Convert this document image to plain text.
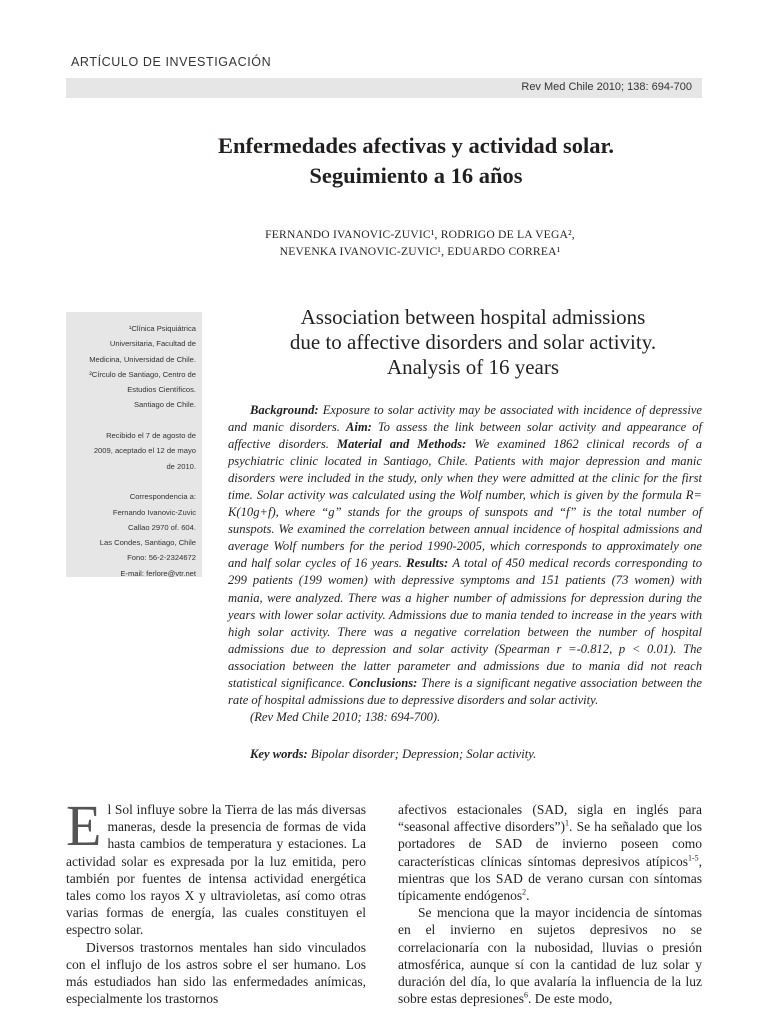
ARTÍCULO DE INVESTIGACIÓN
Rev Med Chile 2010; 138: 694-700
Enfermedades afectivas y actividad solar.
Seguimiento a 16 años
FERNANDO IVANOVIC-ZUVIC¹, RODRIGO DE LA VEGA²,
NEVENKA IVANOVIC-ZUVIC¹, EDUARDO CORREA¹

¹Clínica Psiquiátrica
Universitaria, Facultad de
Medicina, Universidad de Chile.
²Círculo de Santiago, Centro de
Estudios Científicos.
Santiago de Chile.

Recibido el 7 de agosto de
2009, aceptado el 12 de mayo
de 2010.

Correspondencia a:
Fernando Ivanovic-Zuvic
Callao 2970 of. 604.
Las Condes, Santiago, Chile
Fono: 56-2-2324672
E-mail: ferlore@vtr.net

Association between hospital admissions
due to affective disorders and solar activity.
Analysis of 16 years
Background: Exposure to solar activity may be associated with incidence of depressive and manic disorders. Aim: To assess the link between solar activity and appearance of affective disorders. Material and Methods: We examined 1862 clinical records of a psychiatric clinic located in Santiago, Chile. Patients with major depression and manic disorders were included in the study, only when they were admitted at the clinic for the first time. Solar activity was calculated using the Wolf number, which is given by the formula R= K(10g+f), where “g” stands for the groups of sunspots and “f” is the total number of sunspots. We examined the correlation between annual incidence of hospital admissions and average Wolf numbers for the period 1990-2005, which corresponds to approximately one and half solar cycles of 16 years. Results: A total of 450 medical records corresponding to 299 patients (199 women) with depressive symptoms and 151 patients (73 women) with mania, were analyzed. There was a higher number of admissions for depression during the years with lower solar activity. Admissions due to mania tended to increase in the years with high solar activity. There was a negative correlation between the number of hospital admissions due to depression and solar activity (Spearman r =-0.812, p < 0.01). The association between the latter parameter and admissions due to mania did not reach statistical significance. Conclusions: There is a significant negative association between the rate of hospital admissions due to depressive disorders and solar activity.
(Rev Med Chile 2010; 138: 694-700).
Key words: Bipolar disorder; Depression; Solar activity.

El Sol influye sobre la Tierra de las más diversas maneras, desde la presencia de formas de vida hasta cambios de temperatura y estaciones. La actividad solar es expresada por la luz emitida, pero también por fuentes de intensa actividad energética tales como los rayos X y ultravioletas, así como otras varias formas de energía, las cuales constituyen el espectro solar.

Diversos trastornos mentales han sido vinculados con el influjo de los astros sobre el ser humano. Los más estudiados han sido las enfermedades anímicas, especialmente los trastornos

afectivos estacionales (SAD, sigla en inglés para “seasonal affective disorders”)$^1$. Se ha señalado que los portadores de SAD de invierno poseen como características clínicas síntomas depresivos atípicos$^{1-5}$, mientras que los SAD de verano cursan con síntomas típicamente endógenos$^2$.

Se menciona que la mayor incidencia de síntomas en el invierno en sujetos depresivos no se correlacionaría con la nubosidad, lluvias o presión atmosférica, aunque sí con la cantidad de luz solar y duración del día, lo que avalaría la influencia de la luz sobre estas depresiones$^6$. De este modo,
